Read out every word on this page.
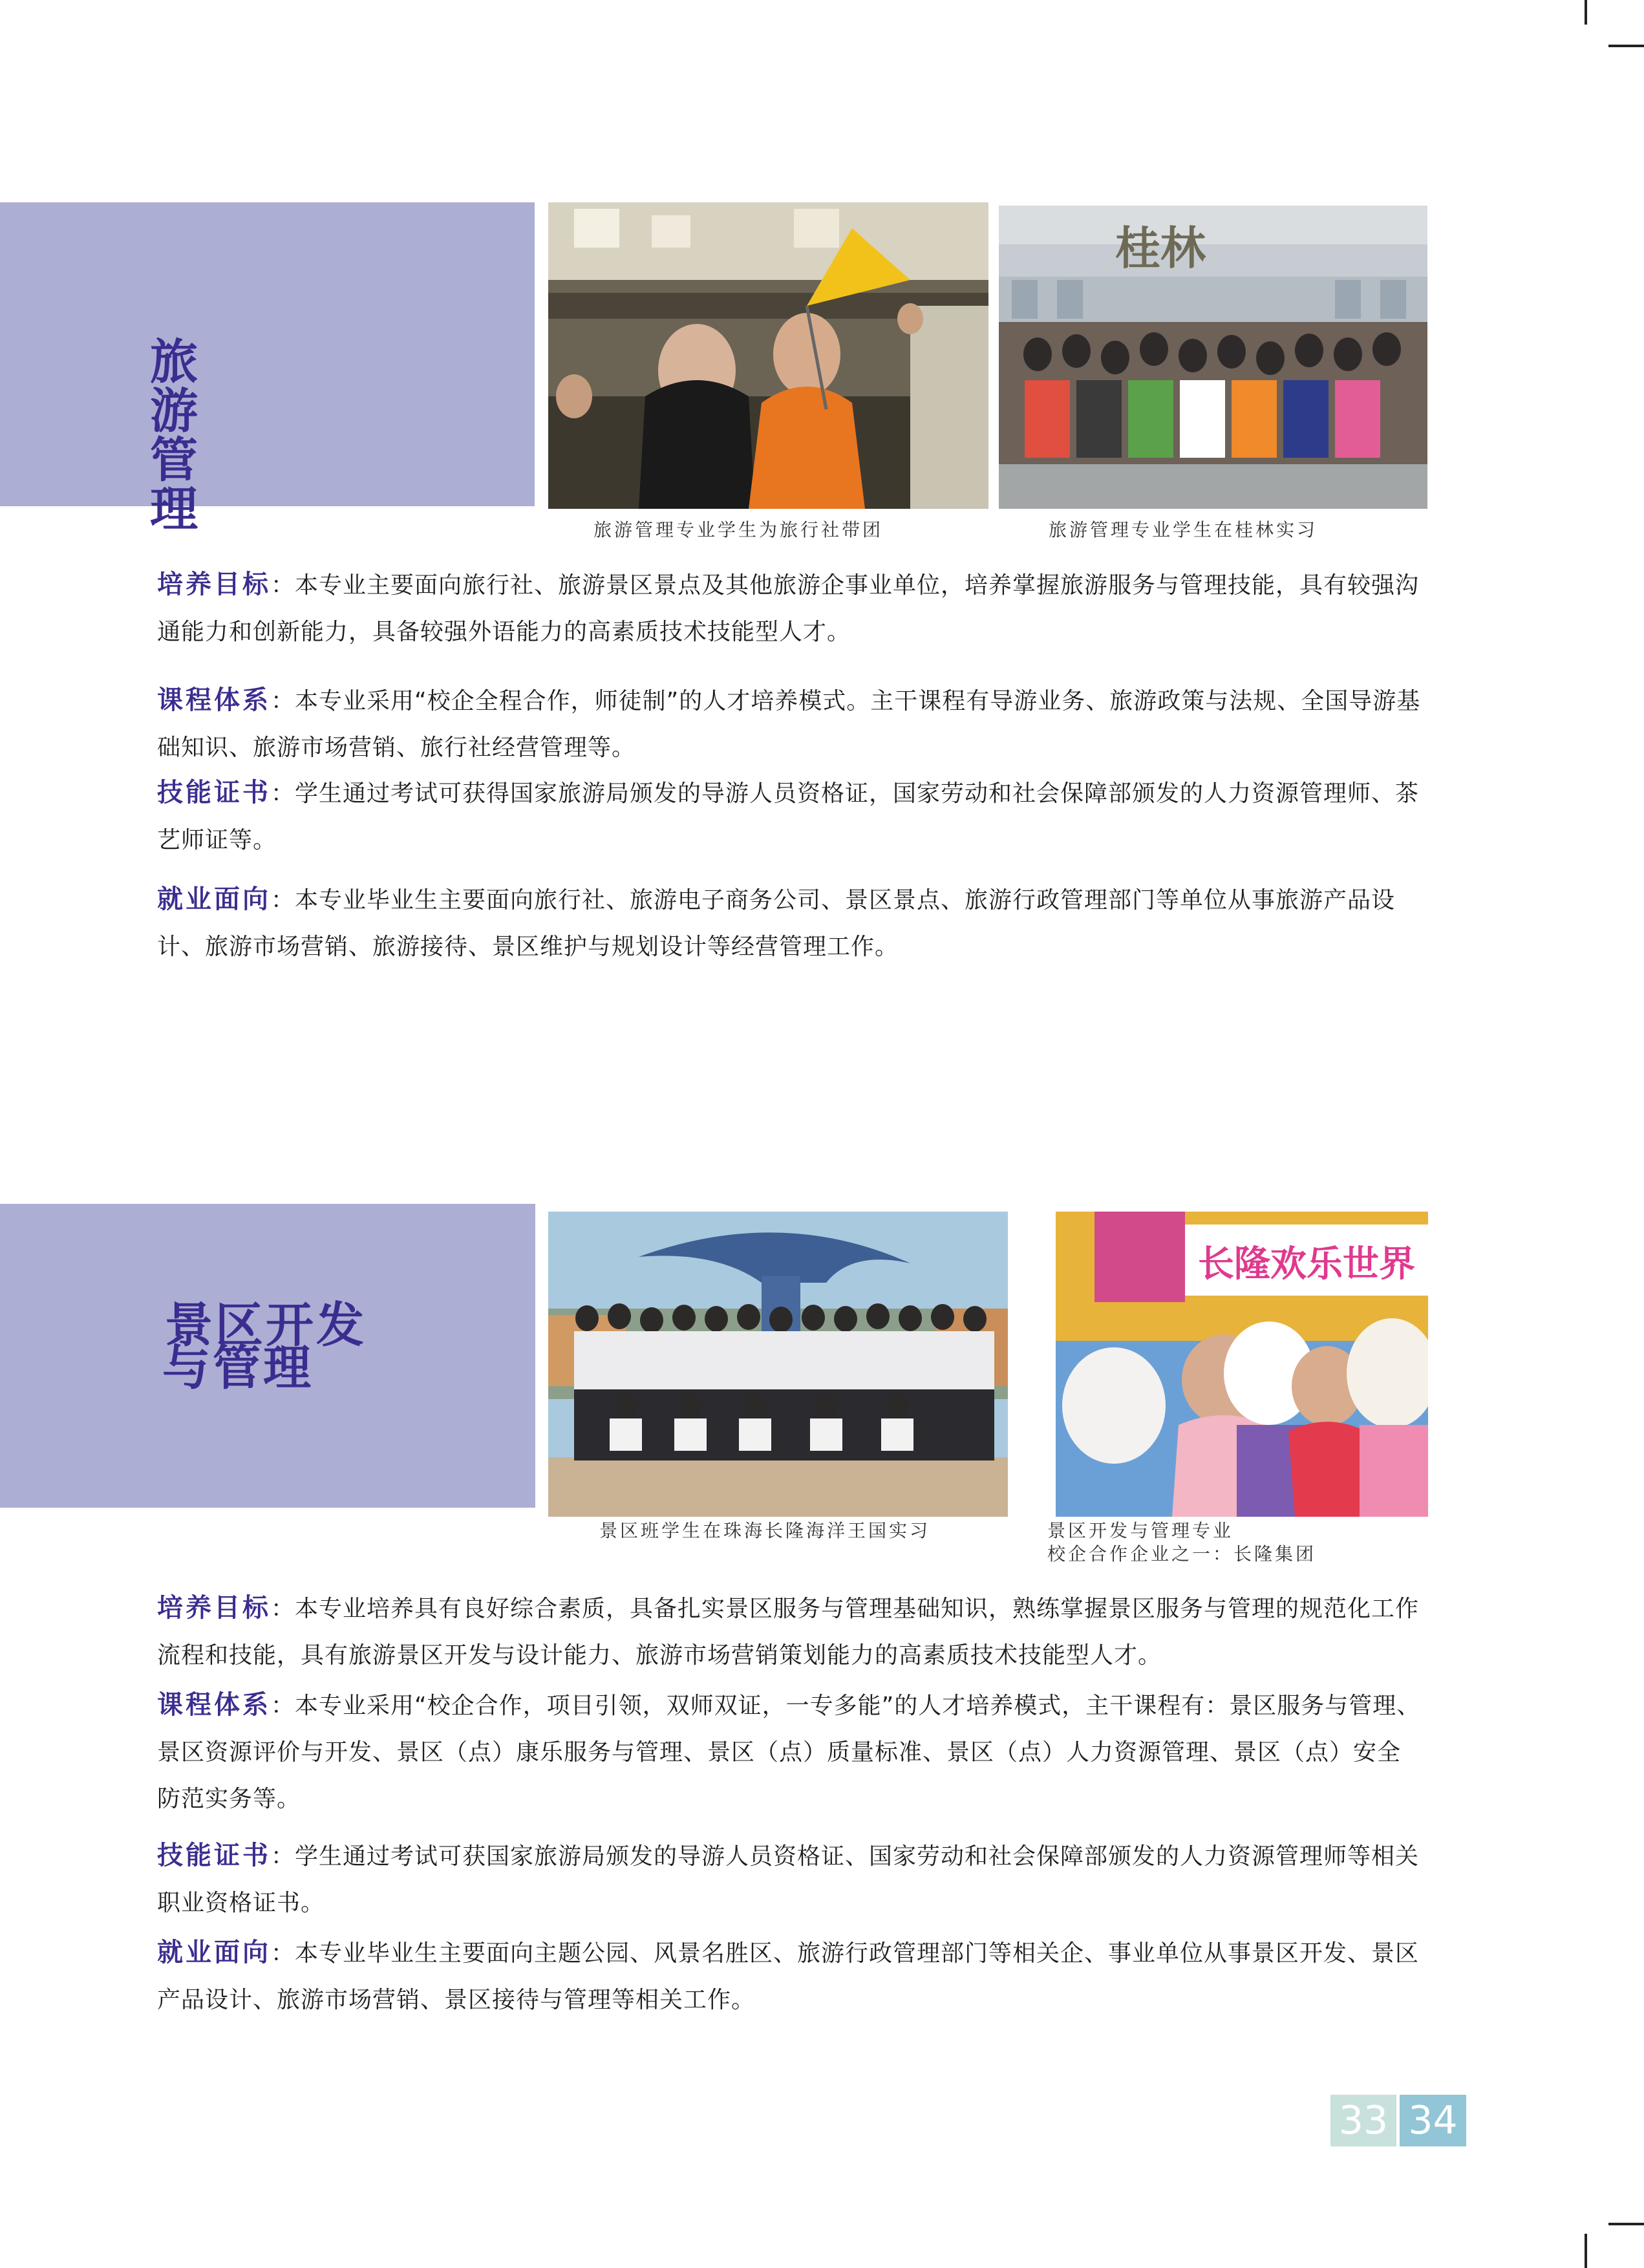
旅游管理
桂林
旅游管理专业学生为旅行社带团	旅游管理专业学生在桂林实习
培养目标：本专业主要面向旅行社、旅游景区景点及其他旅游企事业单位，培养掌握旅游服务与管理技能，具有较强沟通能力和创新能力，具备较强外语能力的高素质技术技能型人才。
课程体系：本专业采用“校企全程合作，师徒制”的人才培养模式。主干课程有导游业务、旅游政策与法规、全国导游基础知识、旅游市场营销、旅行社经营管理等。
技能证书：学生通过考试可获得国家旅游局颁发的导游人员资格证，国家劳动和社会保障部颁发的人力资源管理师、茶艺师证等。
就业面向：本专业毕业生主要面向旅行社、旅游电子商务公司、景区景点、旅游行政管理部门等单位从事旅游产品设计、旅游市场营销、旅游接待、景区维护与规划设计等经营管理工作。
景区开发
与管理
长隆欢乐世界
景区班学生在珠海长隆海洋王国实习	景区开发与管理专业
校企合作企业之一：长隆集团
培养目标：本专业培养具有良好综合素质，具备扎实景区服务与管理基础知识，熟练掌握景区服务与管理的规范化工作流程和技能，具有旅游景区开发与设计能力、旅游市场营销策划能力的高素质技术技能型人才。
课程体系：本专业采用“校企合作，项目引领，双师双证，一专多能”的人才培养模式，主干课程有：景区服务与管理、景区资源评价与开发、景区（点）康乐服务与管理、景区（点）质量标准、景区（点）人力资源管理、景区（点）安全防范实务等。
技能证书：学生通过考试可获国家旅游局颁发的导游人员资格证、国家劳动和社会保障部颁发的人力资源管理师等相关职业资格证书。
就业面向：本专业毕业生主要面向主题公园、风景名胜区、旅游行政管理部门等相关企、事业单位从事景区开发、景区产品设计、旅游市场营销、景区接待与管理等相关工作。
33 34
